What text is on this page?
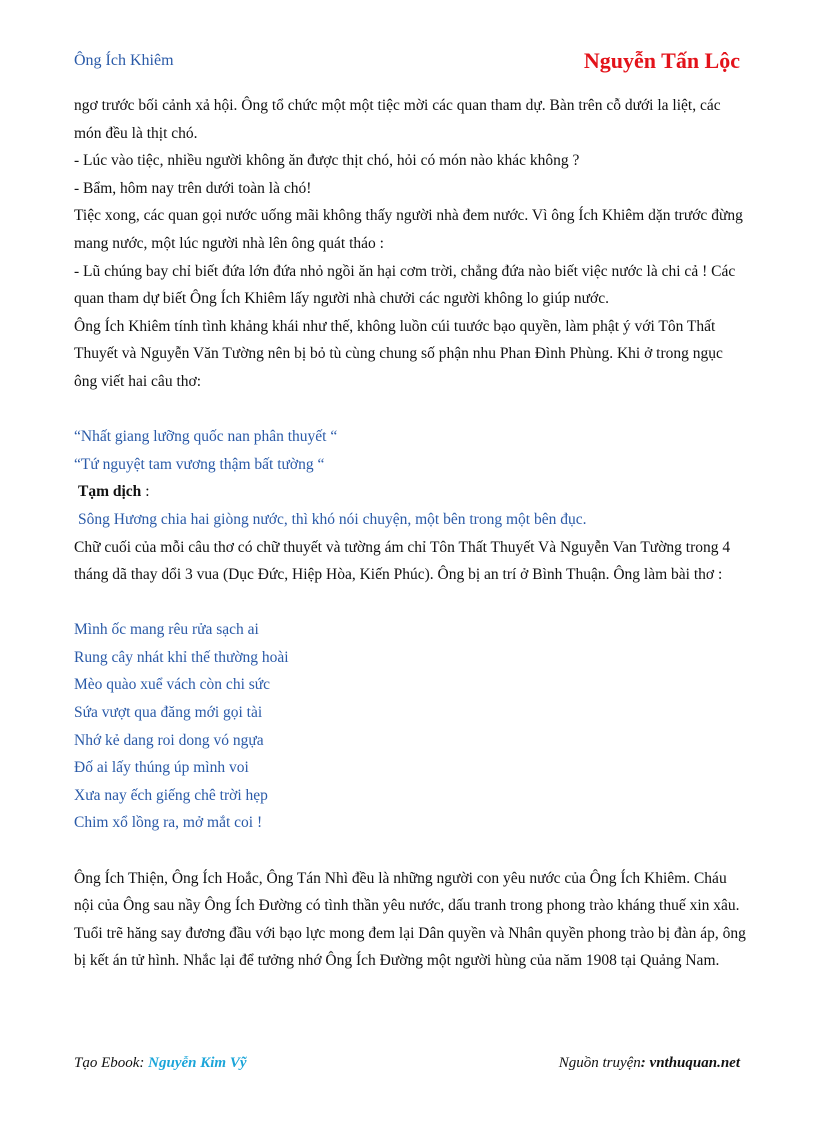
Ông Ích Khiêm	Nguyễn Tấn Lộc

ngơ trước bối cảnh xả hội. Ông tổ chức một một tiệc mời các quan tham dự. Bàn trên cỗ dưới la liệt, các món đều là thịt chó.

- Lúc vào tiệc, nhiều người không ăn được thịt chó, hỏi có món nào khác không ?

- Bẩm, hôm nay trên dưới toàn là chó!

Tiệc xong, các quan gọi nước uống mãi không thấy người nhà đem nước. Vì ông Ích Khiêm dặn trước đừng mang nước, một lúc người nhà lên ông quát tháo :

- Lũ chúng bay chỉ biết đứa lớn đứa nhỏ ngồi ăn hại cơm trời, chẳng đứa nào biết việc nước là chi cả ! Các quan tham dự biết Ông Ích Khiêm lấy người nhà chưởi các người không lo giúp nước.

Ông Ích Khiêm tính tình khảng khái như thế, không luồn cúi tuước bạo quyền, làm phật ý với Tôn Thất Thuyết và Nguyễn Văn Tường nên bị bỏ tù cùng chung số phận nhu Phan Đình Phùng. Khi ở trong ngục ông viết hai câu thơ:

“Nhất giang lưỡng quốc nan phân thuyết “

“Tứ nguyệt tam vương thậm bất tường “

Tạm dịch :

Sông Hương chia hai giòng nước, thì khó nói chuyện, một bên trong một bên đục.

Chữ cuối của mỗi câu thơ có chữ thuyết và tường ám chỉ Tôn Thất Thuyết Và Nguyễn Van Tường trong 4 tháng dã thay dổi 3 vua (Dục Đức, Hiệp Hòa, Kiến Phúc). Ông bị an trí ở Bình Thuận. Ông làm bài thơ :

Mình ốc mang rêu rửa sạch ai

Rung cây nhát khỉ thế thường hoài

Mèo quào xuể vách còn chi sức

Sứa vượt qua đăng mới gọi tài

Nhớ kẻ dang roi dong vó ngựa

Đố ai lấy thúng úp mình voi

Xưa nay ếch giếng chê trời hẹp

Chim xổ lồng ra, mở mắt coi !

Ông Ích Thiện, Ông Ích Hoắc, Ông Tán Nhì đều là những người con yêu nước của Ông Ích Khiêm. Cháu nội của Ông sau nầy Ông Ích Đường có tình thần yêu nước, dấu tranh trong phong trào kháng thuế xin xâu. Tuổi trẽ hăng say đương đầu với bạo lực mong đem lại Dân quyền và Nhân quyền phong trào bị đàn áp, ông bị kết án tử hình. Nhắc lại để tưởng nhớ Ông Ích Đường một người hùng của năm 1908 tại Quảng Nam.

Tạo Ebook: Nguyễn Kim Vỹ	Nguồn truyện: vnthuquan.net
